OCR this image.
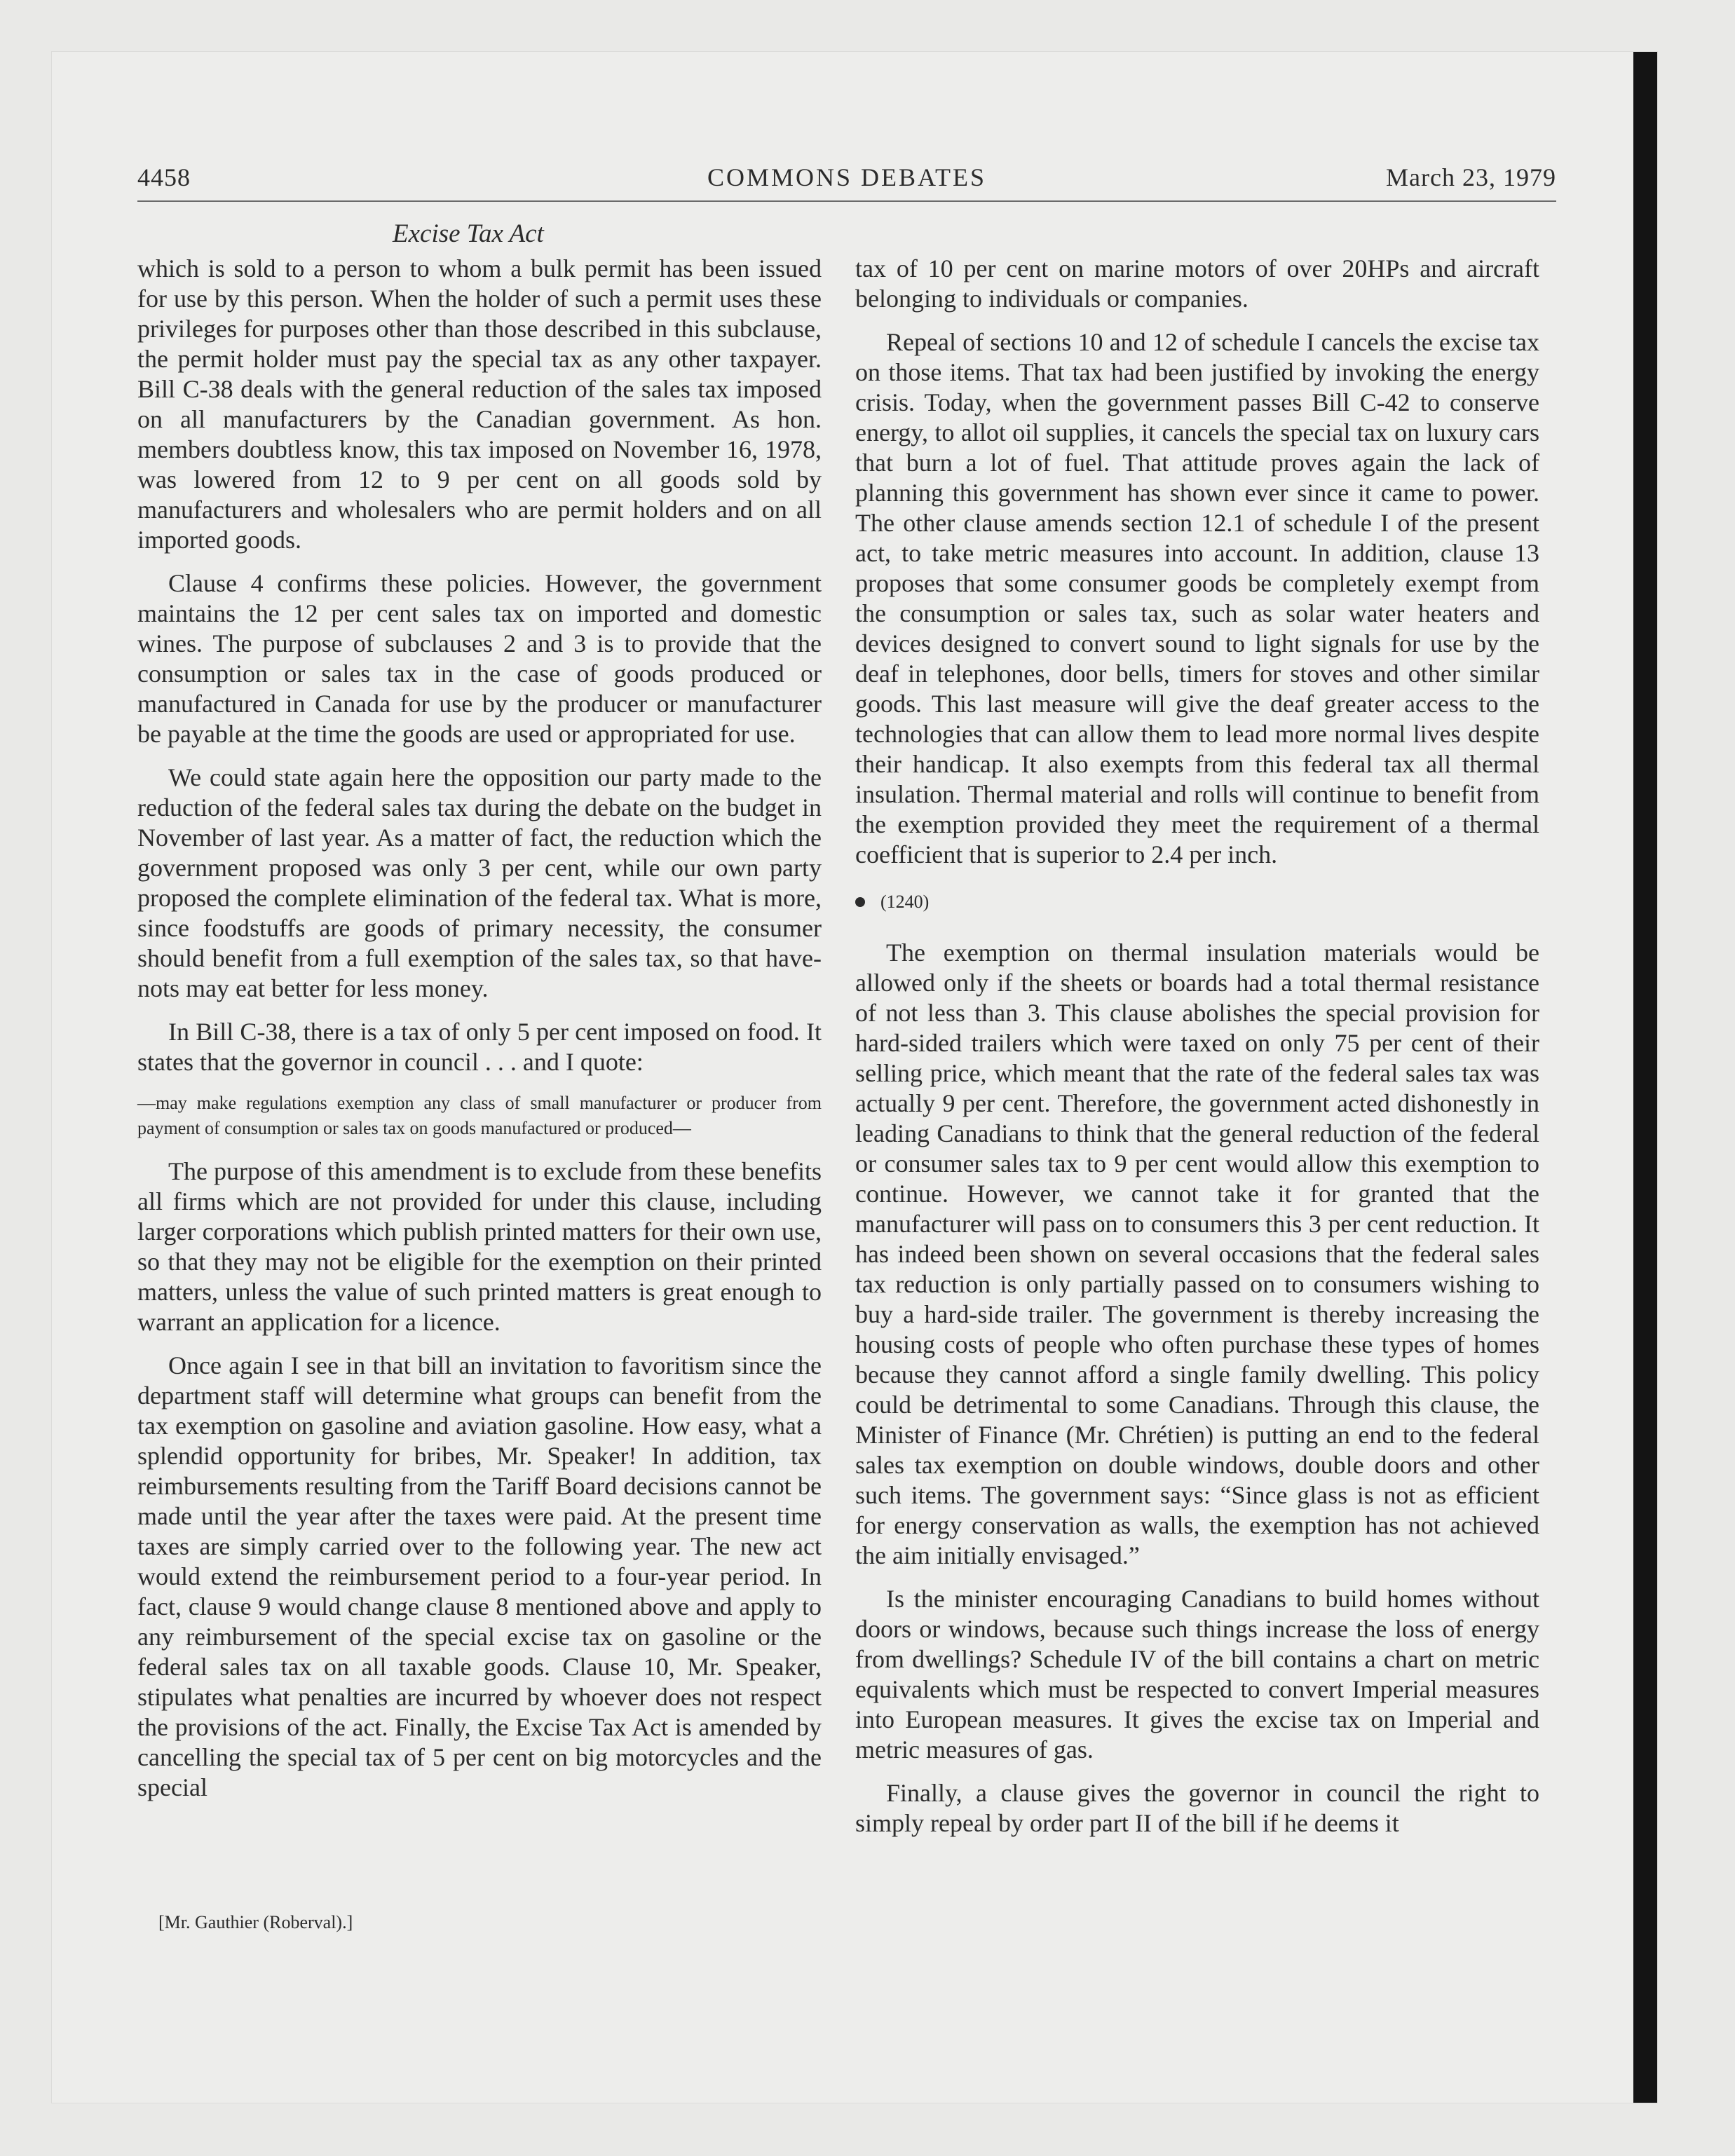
COMMONS DEBATES
4458	March 23, 1979
Excise Tax Act

which is sold to a person to whom a bulk permit has been issued for use by this person. When the holder of such a permit uses these privileges for purposes other than those described in this subclause, the permit holder must pay the special tax as any other taxpayer. Bill C-38 deals with the general reduction of the sales tax imposed on all manufacturers by the Canadian government. As hon. members doubtless know, this tax imposed on November 16, 1978, was lowered from 12 to 9 per cent on all goods sold by manufacturers and wholesalers who are permit holders and on all imported goods.

Clause 4 confirms these policies. However, the government maintains the 12 per cent sales tax on imported and domestic wines. The purpose of subclauses 2 and 3 is to provide that the consumption or sales tax in the case of goods produced or manufactured in Canada for use by the producer or manufacturer be payable at the time the goods are used or appropriated for use.

We could state again here the opposition our party made to the reduction of the federal sales tax during the debate on the budget in November of last year. As a matter of fact, the reduction which the government proposed was only 3 per cent, while our own party proposed the complete elimination of the federal tax. What is more, since foodstuffs are goods of primary necessity, the consumer should benefit from a full exemption of the sales tax, so that have-nots may eat better for less money.

In Bill C-38, there is a tax of only 5 per cent imposed on food. It states that the governor in council . . . and I quote:

—may make regulations exemption any class of small manufacturer or producer from payment of consumption or sales tax on goods manufactured or produced—

The purpose of this amendment is to exclude from these benefits all firms which are not provided for under this clause, including larger corporations which publish printed matters for their own use, so that they may not be eligible for the exemption on their printed matters, unless the value of such printed matters is great enough to warrant an application for a licence.

Once again I see in that bill an invitation to favoritism since the department staff will determine what groups can benefit from the tax exemption on gasoline and aviation gasoline. How easy, what a splendid opportunity for bribes, Mr. Speaker! In addition, tax reimbursements resulting from the Tariff Board decisions cannot be made until the year after the taxes were paid. At the present time taxes are simply carried over to the following year. The new act would extend the reimbursement period to a four-year period. In fact, clause 9 would change clause 8 mentioned above and apply to any reimbursement of the special excise tax on gasoline or the federal sales tax on all taxable goods. Clause 10, Mr. Speaker, stipulates what penalties are incurred by whoever does not respect the provisions of the act. Finally, the Excise Tax Act is amended by cancelling the special tax of 5 per cent on big motorcycles and the special

[Mr. Gauthier (Roberval).]

tax of 10 per cent on marine motors of over 20HPs and aircraft belonging to individuals or companies.

Repeal of sections 10 and 12 of schedule I cancels the excise tax on those items. That tax had been justified by invoking the energy crisis. Today, when the government passes Bill C-42 to conserve energy, to allot oil supplies, it cancels the special tax on luxury cars that burn a lot of fuel. That attitude proves again the lack of planning this government has shown ever since it came to power. The other clause amends section 12.1 of schedule I of the present act, to take metric measures into account. In addition, clause 13 proposes that some consumer goods be completely exempt from the consumption or sales tax, such as solar water heaters and devices designed to convert sound to light signals for use by the deaf in telephones, door bells, timers for stoves and other similar goods. This last measure will give the deaf greater access to the technologies that can allow them to lead more normal lives despite their handicap. It also exempts from this federal tax all thermal insulation. Thermal material and rolls will continue to benefit from the exemption provided they meet the requirement of a thermal coefficient that is superior to 2.4 per inch.

(1240)

The exemption on thermal insulation materials would be allowed only if the sheets or boards had a total thermal resistance of not less than 3. This clause abolishes the special provision for hard-sided trailers which were taxed on only 75 per cent of their selling price, which meant that the rate of the federal sales tax was actually 9 per cent. Therefore, the government acted dishonestly in leading Canadians to think that the general reduction of the federal or consumer sales tax to 9 per cent would allow this exemption to continue. However, we cannot take it for granted that the manufacturer will pass on to consumers this 3 per cent reduction. It has indeed been shown on several occasions that the federal sales tax reduction is only partially passed on to consumers wishing to buy a hard-side trailer. The government is thereby increasing the housing costs of people who often purchase these types of homes because they cannot afford a single family dwelling. This policy could be detrimental to some Canadians. Through this clause, the Minister of Finance (Mr. Chrétien) is putting an end to the federal sales tax exemption on double windows, double doors and other such items. The government says: “Since glass is not as efficient for energy conservation as walls, the exemption has not achieved the aim initially envisaged.”

Is the minister encouraging Canadians to build homes without doors or windows, because such things increase the loss of energy from dwellings? Schedule IV of the bill contains a chart on metric equivalents which must be respected to convert Imperial measures into European measures. It gives the excise tax on Imperial and metric measures of gas.

Finally, a clause gives the governor in council the right to simply repeal by order part II of the bill if he deems it
